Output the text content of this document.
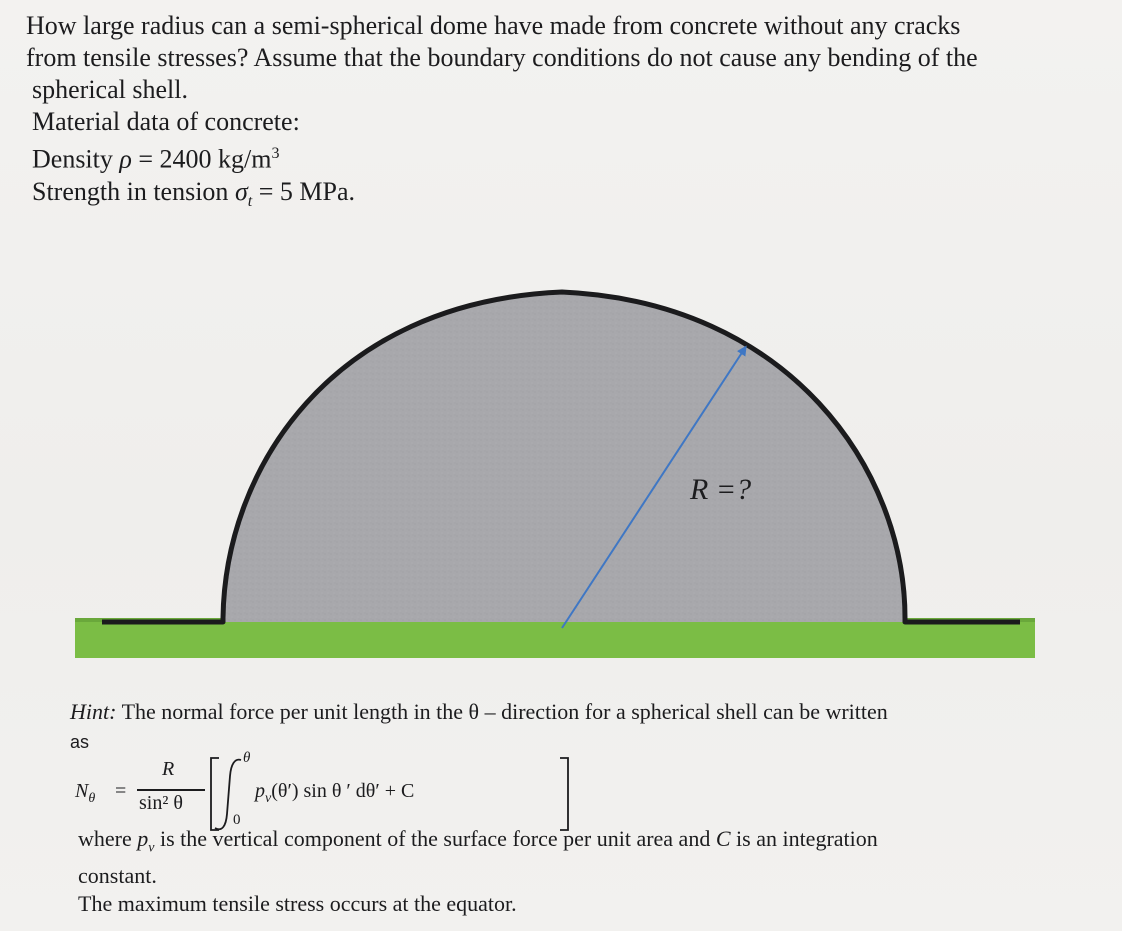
How large radius can a semi-spherical dome have made from concrete without any cracks
from tensile stresses? Assume that the boundary conditions do not cause any bending of the
spherical shell.
Material data of concrete:
Density ρ = 2400 $kg/m^3$
Strength in tension $\sigma_t = 5$ MPa.
R =?
Hint: The normal force per unit length in the θ – direction for a spherical shell can be written
as
$N_\theta$ =
R
sin² θ
θ
0
$p_v(\theta')$ sin θ ′ dθ′ + C

where $p_v$ is the vertical component of the surface force per unit area and C is an integration

constant.

The maximum tensile stress occurs at the equator.
